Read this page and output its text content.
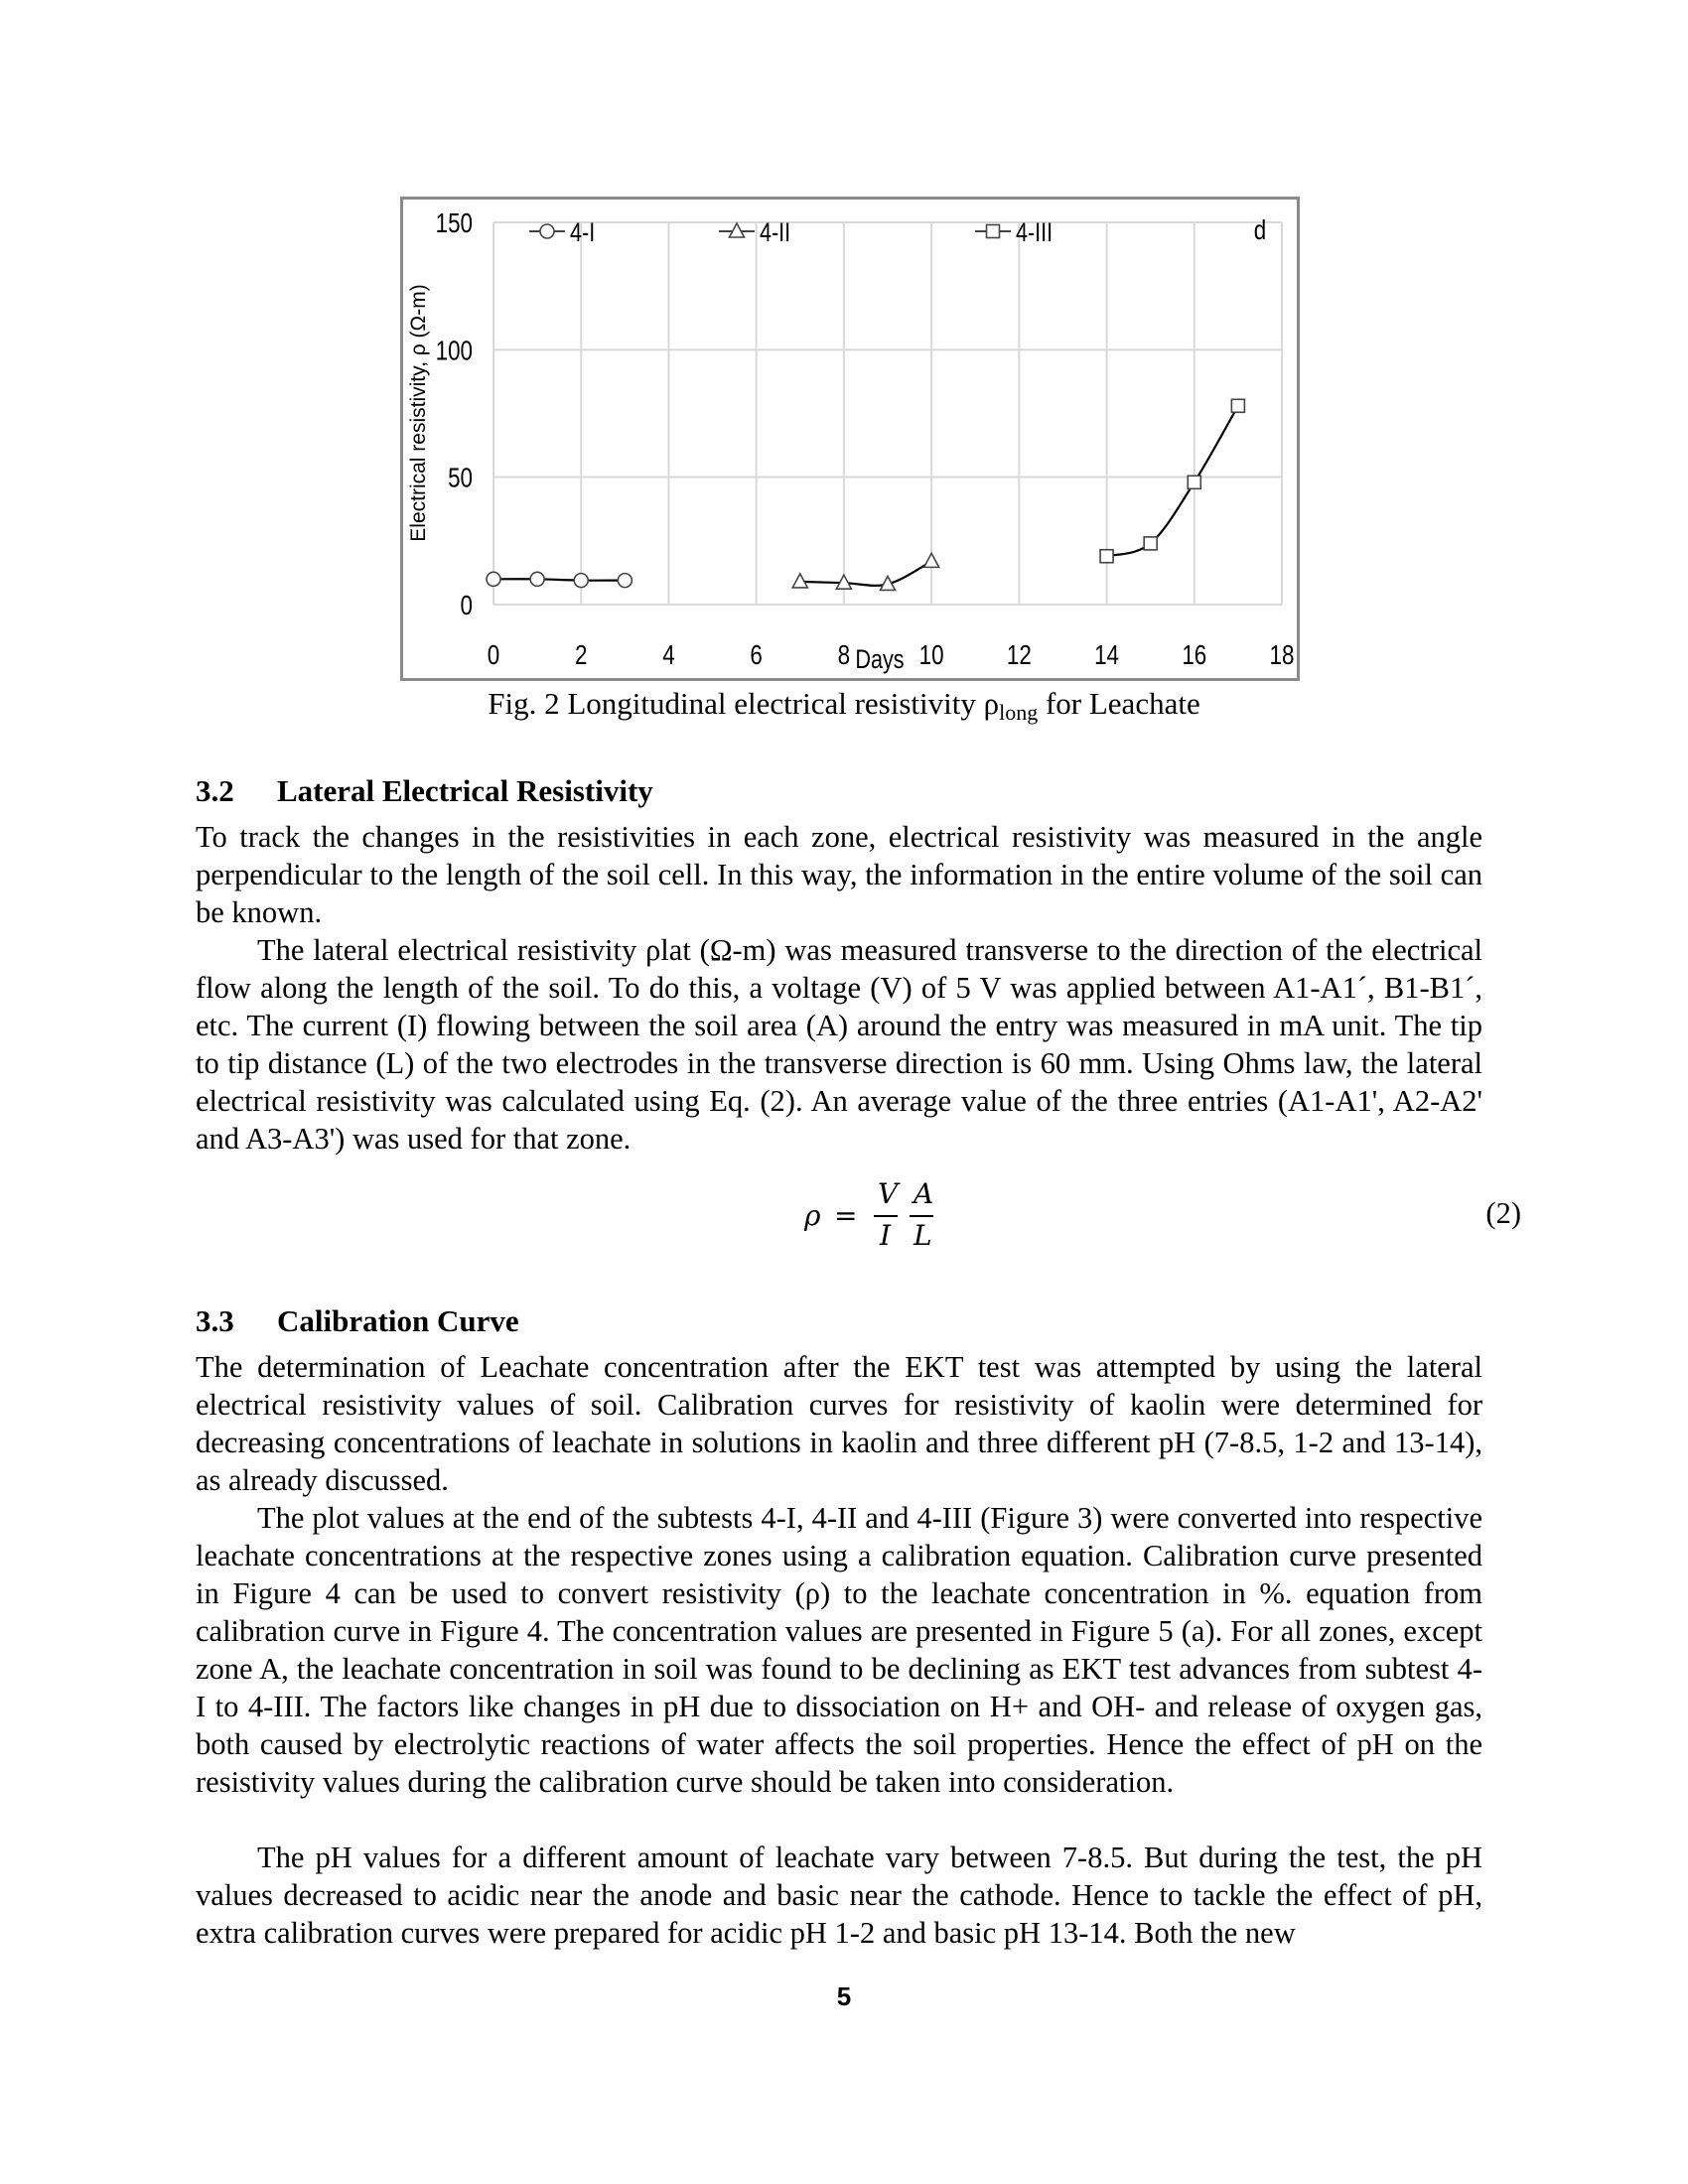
0	2	4	6	8 10 12 14 16 18
0
50
100
150
Days
Electrical resistivity, ρ (Ω-m)
d
4-I	4-II	4-III
Fig. 2 Longitudinal electrical resistivity $\rho_{long}$ for Leachate
3.2 Lateral Electrical Resistivity
To track the changes in the resistivities in each zone, electrical resistivity was measured in the angle perpendicular to the length of the soil cell. In this way, the information in the entire volume of the soil can be known.
The lateral electrical resistivity ρlat (Ω-m) was measured transverse to the direction of the electrical flow along the length of the soil. To do this, a voltage (V) of 5 V was applied between A1-A1´, B1-B1´, etc. The current (I) flowing between the soil area (A) around the entry was measured in mA unit. The tip to tip distance (L) of the two electrodes in the transverse direction is 60 mm. Using Ohms law, the lateral electrical resistivity was calculated using Eq. (2). An average value of the three entries (A1-A1', A2-A2' and A3-A3') was used for that zone.
ρ =
V
I
A
L
(2)
3.3 Calibration Curve
The determination of Leachate concentration after the EKT test was attempted by using the lateral electrical resistivity values of soil. Calibration curves for resistivity of kaolin were determined for decreasing concentrations of leachate in solutions in kaolin and three different pH (7-8.5, 1-2 and 13-14), as already discussed.
The plot values at the end of the subtests 4-I, 4-II and 4-III (Figure 3) were converted into respective leachate concentrations at the respective zones using a calibration equation. Calibration curve presented in Figure 4 can be used to convert resistivity (ρ) to the leachate concentration in %. equation from calibration curve in Figure 4. The concentration values are presented in Figure 5 (a). For all zones, except zone A, the leachate concentration in soil was found to be declining as EKT test advances from subtest 4-I to 4-III. The factors like changes in pH due to dissociation on H+ and OH- and release of oxygen gas, both caused by electrolytic reactions of water affects the soil properties. Hence the effect of pH on the resistivity values during the calibration curve should be taken into consideration.
The pH values for a different amount of leachate vary between 7-8.5. But during the test, the pH values decreased to acidic near the anode and basic near the cathode. Hence to tackle the effect of pH, extra calibration curves were prepared for acidic pH 1-2 and basic pH 13-14. Both the new
5
